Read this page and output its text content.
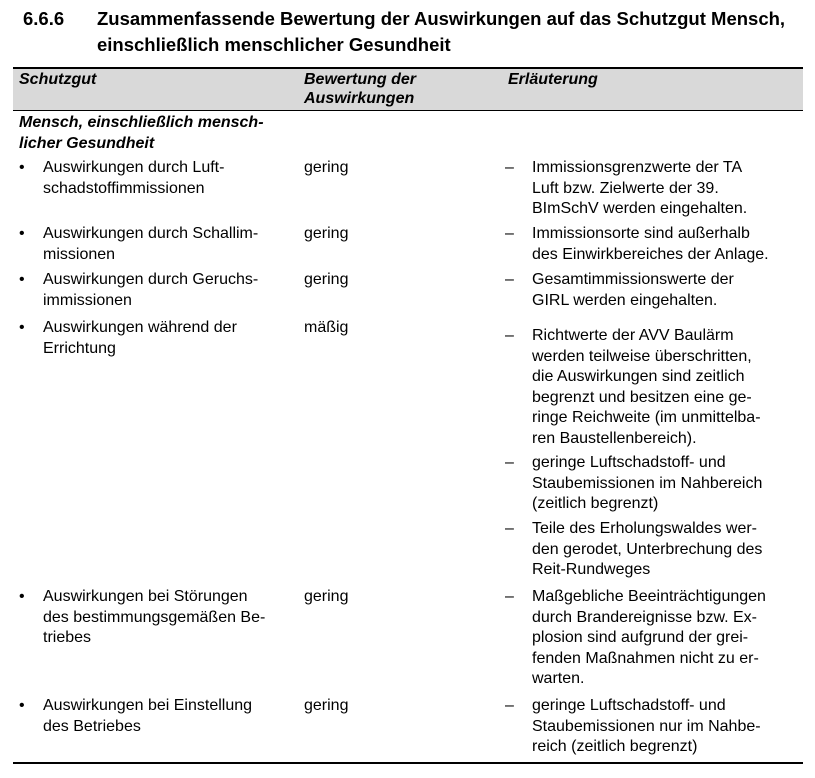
6.6.6	Zusammenfassende Bewertung der Auswirkungen auf das Schutzgut Mensch,
einschließlich menschlicher Gesundheit
Schutzgut	Bewertung der
Auswirkungen
Erläuterung
Mensch, einschließlich mensch-
licher Gesundheit
•	Auswirkungen durch Luft-
schadstoffimmissionen
gering	– Immissionsgrenzwerte der TA
Luft bzw. Zielwerte der 39.
BImSchV werden eingehalten.
•	Auswirkungen durch Schallim-
missionen
gering	– Immissionsorte sind außerhalb
des Einwirkbereiches der Anlage.
•	Auswirkungen durch Geruchs-
immissionen
gering	– Gesamtimmissionswerte der
GIRL werden eingehalten.
•	Auswirkungen während der
Errichtung
mäßig	– Richtwerte der AVV Baulärm
werden teilweise überschritten,
die Auswirkungen sind zeitlich
begrenzt und besitzen eine ge-
ringe Reichweite (im unmittelba-
ren Baustellenbereich).
– geringe Luftschadstoff- und
Staubemissionen im Nahbereich
(zeitlich begrenzt)
– Teile des Erholungswaldes wer-
den gerodet, Unterbrechung des
Reit-Rundweges
•	Auswirkungen bei Störungen
des bestimmungsgemäßen Be-
triebes
gering	– Maßgebliche Beeinträchtigungen
durch Brandereignisse bzw. Ex-
plosion sind aufgrund der grei-
fenden Maßnahmen nicht zu er-
warten.
•	Auswirkungen bei Einstellung
des Betriebes
gering	– geringe Luftschadstoff- und
Staubemissionen nur im Nahbe-
reich (zeitlich begrenzt)
